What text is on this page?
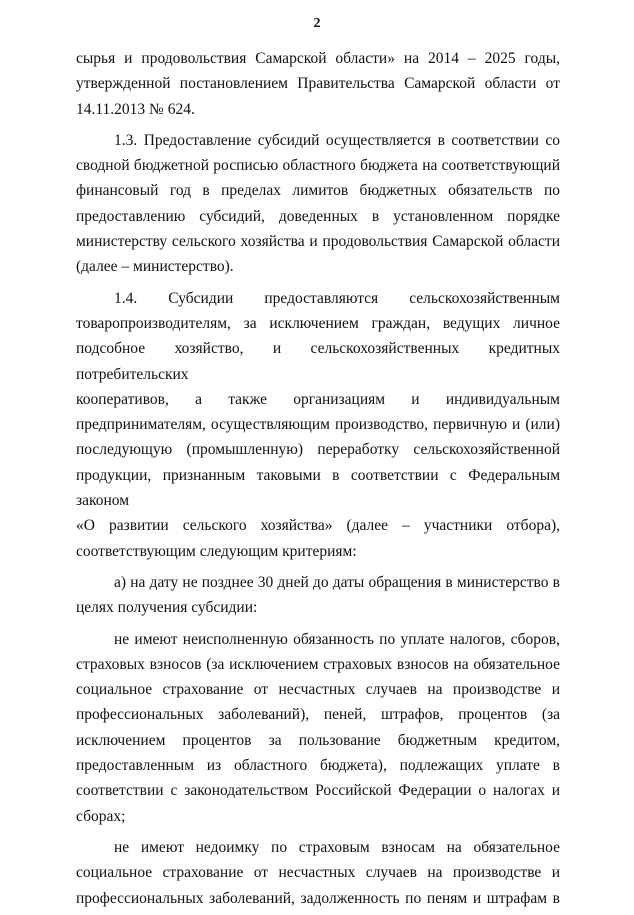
2

сырья и продовольствия Самарской области» на 2014 – 2025 годы,
утвержденной постановлением Правительства Самарской области от
14.11.2013 № 624.

1.3. Предоставление субсидий осуществляется в соответствии со
сводной бюджетной росписью областного бюджета на соответствующий
финансовый год в пределах лимитов бюджетных обязательств по
предоставлению субсидий, доведенных в установленном порядке
министерству сельского хозяйства и продовольствия Самарской области
(далее – министерство).

1.4. Субсидии предоставляются сельскохозяйственным
товаропроизводителям, за исключением граждан, ведущих личное
подсобное хозяйство, и сельскохозяйственных кредитных потребительских
кооперативов, а также организациям и индивидуальным
предпринимателям, осуществляющим производство, первичную и (или)
последующую (промышленную) переработку сельскохозяйственной
продукции, признанным таковыми в соответствии с Федеральным законом
«О развитии сельского хозяйства» (далее – участники отбора),
соответствующим следующим критериям:

а) на дату не позднее 30 дней до даты обращения в министерство в
целях получения субсидии:

не имеют неисполненную обязанность по уплате налогов, сборов,
страховых взносов (за исключением страховых взносов на обязательное
социальное страхование от несчастных случаев на производстве и
профессиональных заболеваний), пеней, штрафов, процентов (за
исключением процентов за пользование бюджетным кредитом,
предоставленным из областного бюджета), подлежащих уплате в
соответствии с законодательством Российской Федерации о налогах и
сборах;

не имеют недоимку по страховым взносам на обязательное
социальное страхование от несчастных случаев на производстве и
профессиональных заболеваний, задолженность по пеням и штрафам в
